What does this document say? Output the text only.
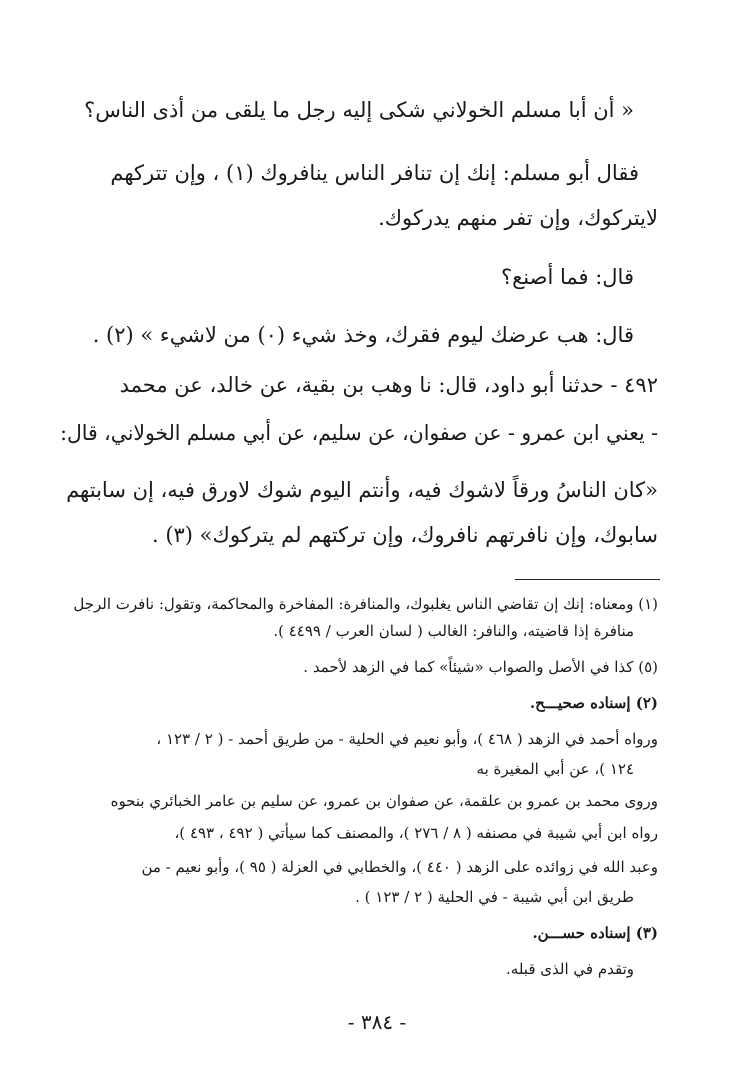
« أن أبا مسلم الخولاني شكى إليه رجل ما يلقى من أذى الناس؟
فقال أبو مسلم: إنك إن تنافر الناس ينافروك (١) ، وإن تتركهم
لايتركوك، وإن تفر منهم يدركوك.
قال: فما أصنع؟
قال: هب عرضك ليوم فقرك، وخذ شيء (٠) من لاشيء » (٢) .
٤٩٢ - حدثنا أبو داود، قال: نا وهب بن بقية، عن خالد، عن محمد
- يعني ابن عمرو - عن صفوان، عن سليم، عن أبي مسلم الخولاني، قال:
«كان الناسُ ورقاً لاشوك فيه، وأنتم اليوم شوك لاورق فيه، إن سابتهم
سابوك، وإن نافرتهم نافروك، وإن تركتهم لم يتركوك» (٣) .
(١) ومعناه: إنك إن تقاضي الناس يغلبوك، والمنافرة: المفاخرة والمحاكمة، وتقول: نافرت الرجل
منافرة إذا قاضيته، والنافر: الغالب ( لسان العرب / ٤٤٩٩ ).
(٥) كذا في الأصل والصواب «شيئاً» كما في الزهد لأحمد .
(٢) إسناده صحيـــح.
ورواه أحمد في الزهد ( ٤٦٨ )، وأبو نعيم في الحلية - من طريق أحمد - ( ٢ / ١٢٣ ،
١٢٤ )، عن أبي المغيرة به
وروى محمد بن عمرو بن علقمة، عن صفوان بن عمرو، عن سليم بن عامر الخبائري بنحوه
رواه ابن أبي شيبة في مصنفه ( ٨ / ٢٧٦ )، والمصنف كما سيأتي ( ٤٩٢ ، ٤٩٣ )،
وعبد الله في زوائده على الزهد ( ٤٤٠ )، والخطابي في العزلة ( ٩٥ )، وأبو نعيم - من
طريق ابن أبي شيبة - في الحلية ( ٢ / ١٢٣ ) .
(٣) إسناده حســـن.
وتقدم في الذى قبله.
- ٣٨٤ -
